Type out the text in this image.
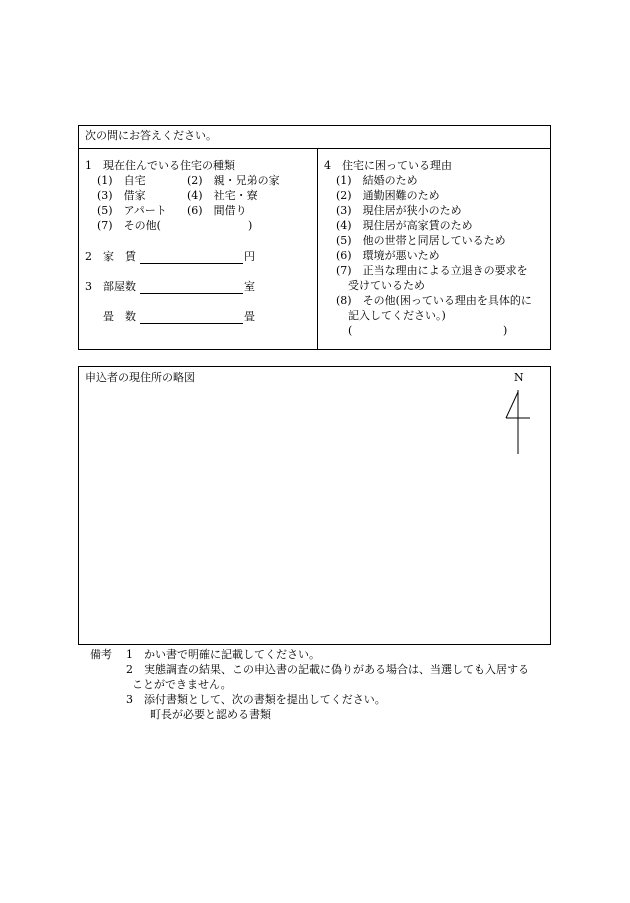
次の問にお答えください。
1　現在住んでいる住宅の種類
(1)　自宅	(2)　親・兄弟の家
(3)　借家	(4)　社宅・寮
(5)　アパート (6)　間借り
(7)　その他(	)
2　家　賃	円
3　部屋数	室
畳　数	畳
4　住宅に困っている理由
(1)　結婚のため
(2)　通勤困難のため
(3)　現住居が狭小のため
(4)　現住居が高家賃のため
(5)　他の世帯と同居しているため
(6)　環境が悪いため
(7)　正当な理由による立退きの要求を
受けているため
(8)　その他(困っている理由を具体的に
記入してください。)
(	)
申込者の現住所の略図	N
備考 1　かい書で明確に記載してください。
2　実態調査の結果、この申込書の記載に偽りがある場合は、当選しても入居する
ことができません。
3　添付書類として、次の書類を提出してください。
町長が必要と認める書類
